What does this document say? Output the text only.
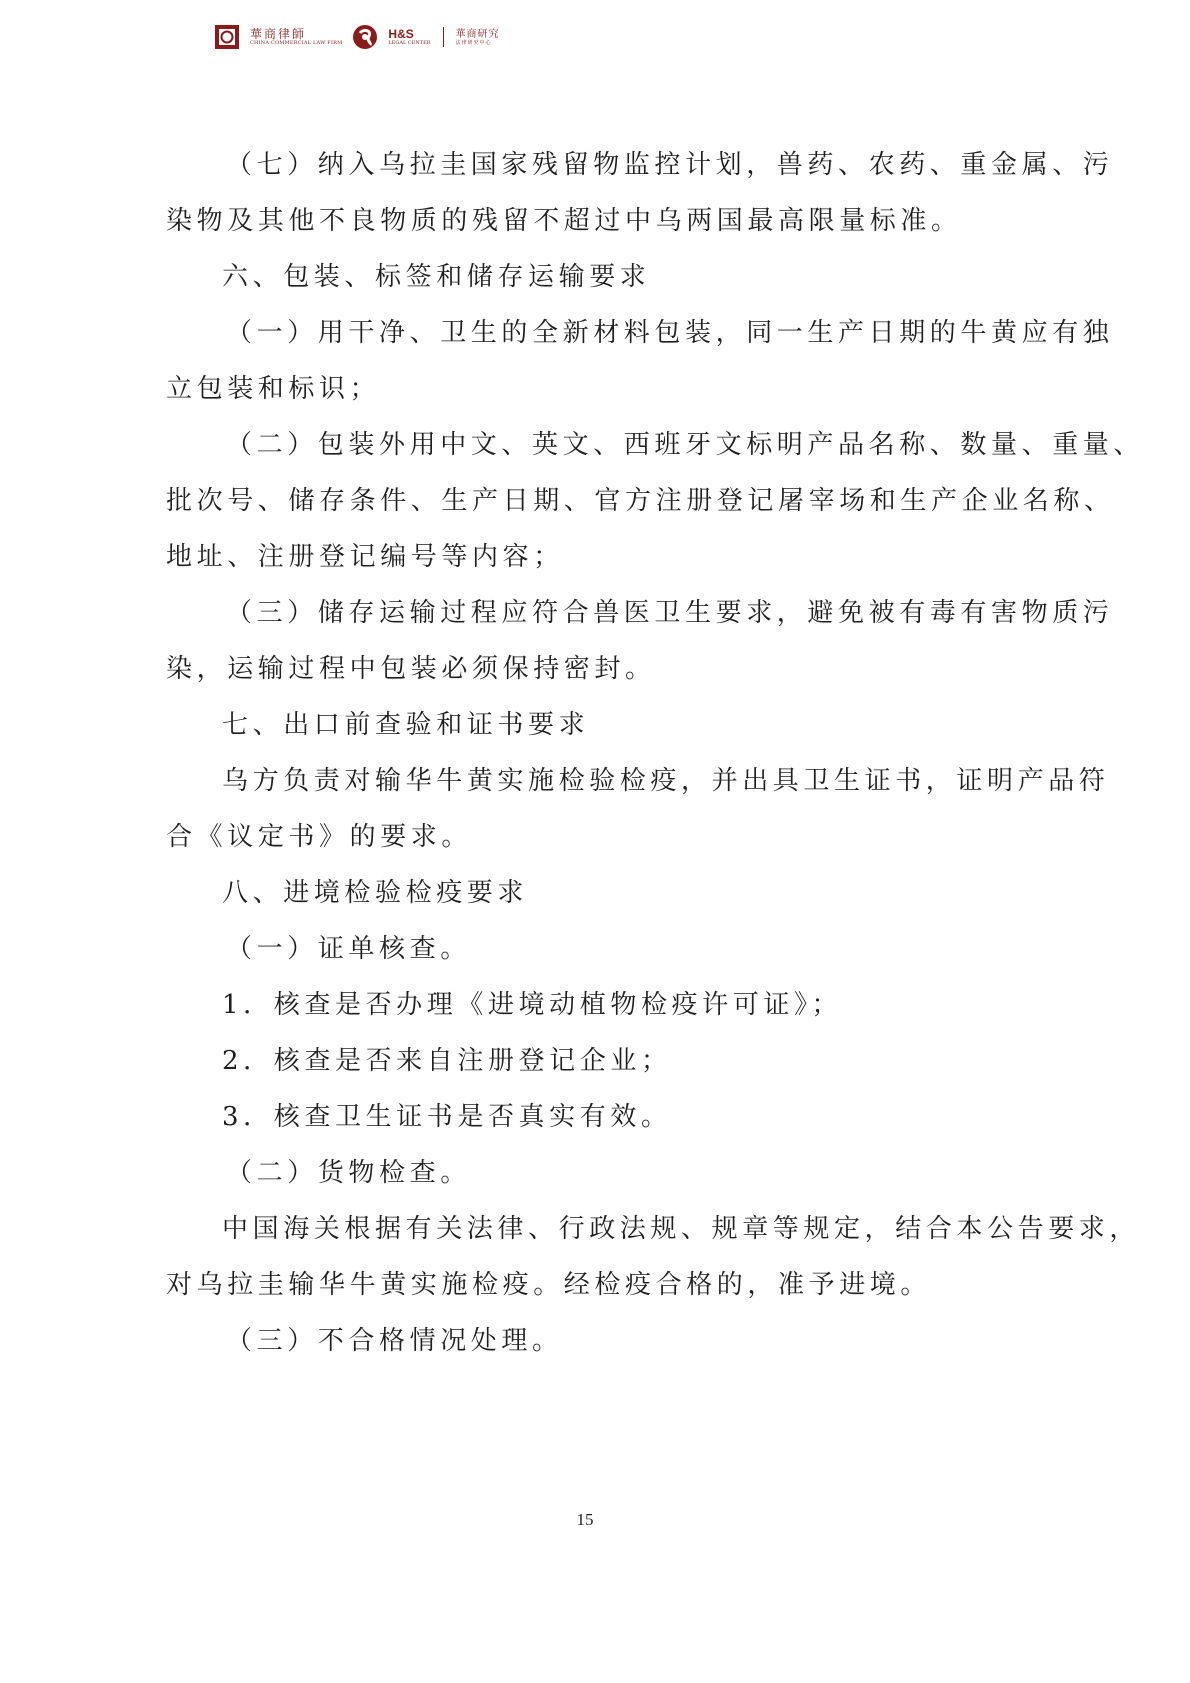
華商律師
CHINA COMMERCIAL LAW FIRM
H&S
LEGAL CENTER
華商研究
法律研究中心
（七）纳入乌拉圭国家残留物监控计划，兽药、农药、重金属、污
染物及其他不良物质的残留不超过中乌两国最高限量标准。
六、包装、标签和储存运输要求
（一）用干净、卫生的全新材料包装，同一生产日期的牛黄应有独
立包装和标识；
（二）包装外用中文、英文、西班牙文标明产品名称、数量、重量、
批次号、储存条件、生产日期、官方注册登记屠宰场和生产企业名称、
地址、注册登记编号等内容；
（三）储存运输过程应符合兽医卫生要求，避免被有毒有害物质污
染，运输过程中包装必须保持密封。
七、出口前查验和证书要求
乌方负责对输华牛黄实施检验检疫，并出具卫生证书，证明产品符
合《议定书》的要求。
八、进境检验检疫要求
（一）证单核查。
1．核查是否办理《进境动植物检疫许可证》；
2．核查是否来自注册登记企业；
3．核查卫生证书是否真实有效。
（二）货物检查。
中国海关根据有关法律、行政法规、规章等规定，结合本公告要求，
对乌拉圭输华牛黄实施检疫。经检疫合格的，准予进境。
（三）不合格情况处理。
15
